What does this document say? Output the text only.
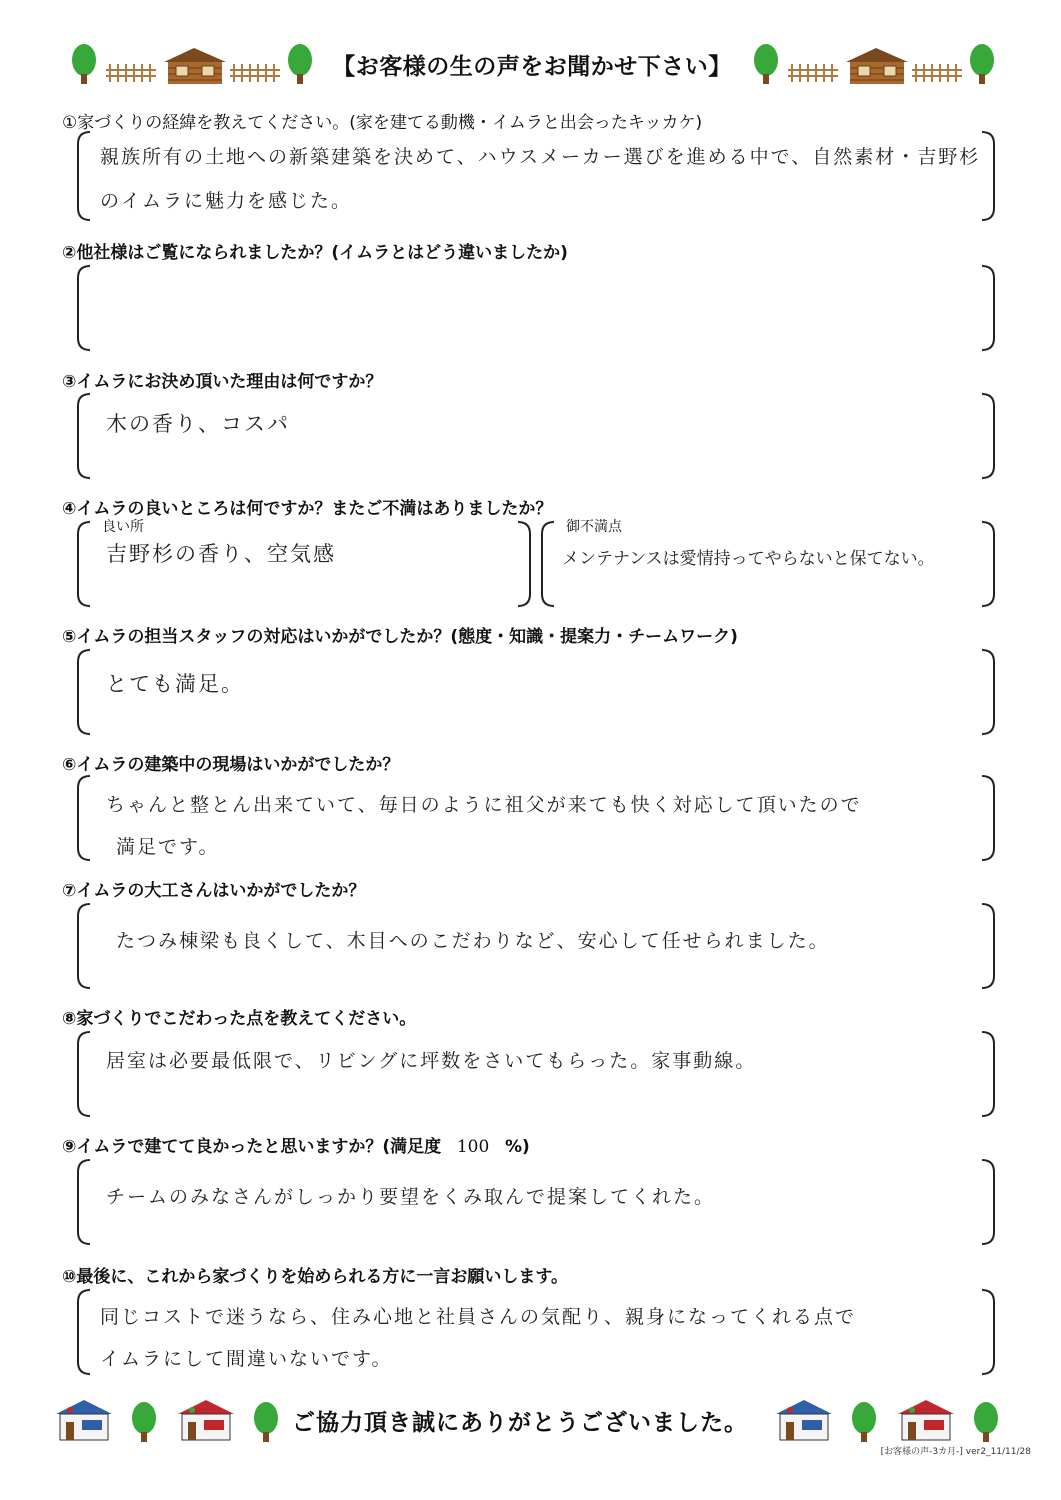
【お客様の生の声をお聞かせ下さい】
①家づくりの経緯を教えてください。(家を建てる動機・イムラと出会ったキッカケ)
親族所有の土地への新築建築を決めて、ハウスメーカー選びを進める中で、自然素材・吉野杉
のイムラに魅力を感じた。
②他社様はご覧になられましたか？(イムラとはどう違いましたか)
③イムラにお決め頂いた理由は何ですか？
木の香り、コスパ
④イムラの良いところは何ですか？またご不満はありましたか？
良い所
吉野杉の香り、空気感
御不満点
メンテナンスは愛情持ってやらないと保てない。
⑤イムラの担当スタッフの対応はいかがでしたか？(態度・知識・提案力・チームワーク)
とても満足。
⑥イムラの建築中の現場はいかがでしたか？
ちゃんと整とん出来ていて、毎日のように祖父が来ても快く対応して頂いたので
満足です。
⑦イムラの大工さんはいかがでしたか？
たつみ棟梁も良くして、木目へのこだわりなど、安心して任せられました。
⑧家づくりでこだわった点を教えてください。
居室は必要最低限で、リビングに坪数をさいてもらった。家事動線。
⑨イムラで建てて良かったと思いますか？(満足度 100 %)
チームのみなさんがしっかり要望をくみ取んで提案してくれた。
⑩最後に、これから家づくりを始められる方に一言お願いします。
同じコストで迷うなら、住み心地と社員さんの気配り、親身になってくれる点で
イムラにして間違いないです。
ご協力頂き誠にありがとうございました。
[お客様の声-3カ月-] ver2_11/11/28
